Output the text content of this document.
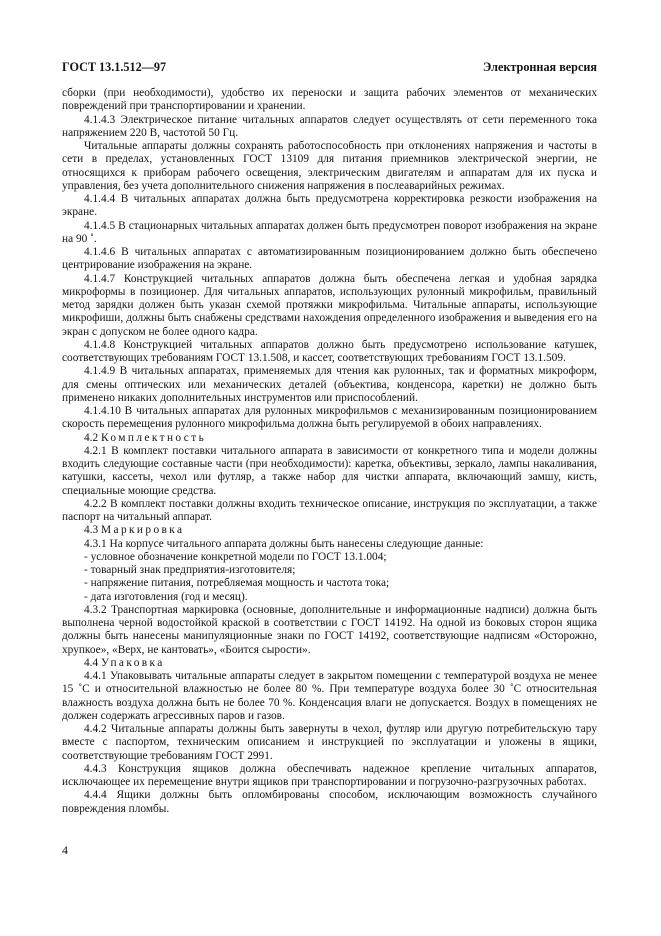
ГОСТ 13.1.512—97	Электронная версия

сборки (при необходимости), удобство их переноски и защита рабочих элементов от механических повреждений при транспортировании и хранении.

4.1.4.3 Электрическое питание читальных аппаратов следует осуществлять от сети переменного тока напряжением 220 В, частотой 50 Гц.

Читальные аппараты должны сохранять работоспособность при отклонениях напряжения и частоты в сети в пределах, установленных ГОСТ 13109 для питания приемников электрической энергии, не относящихся к приборам рабочего освещения, электрическим двигателям и аппаратам для их пуска и управления, без учета дополнительного снижения напряжения в послеаварийных режимах.

4.1.4.4 В читальных аппаратах должна быть предусмотрена корректировка резкости изображения на экране.

4.1.4.5 В стационарных читальных аппаратах должен быть предусмотрен поворот изображения на экране на 90 ˚.

4.1.4.6 В читальных аппаратах с автоматизированным позиционированием должно быть обеспечено центрирование изображения на экране.

4.1.4.7 Конструкцией читальных аппаратов должна быть обеспечена легкая и удобная зарядка микроформы в позиционер. Для читальных аппаратов, использующих рулонный микрофильм, правильный метод зарядки должен быть указан схемой протяжки микрофильма. Читальные аппараты, использующие микрофиши, должны быть снабжены средствами нахождения определенного изображения и выведения его на экран с допуском не более одного кадра.

4.1.4.8 Конструкцией читальных аппаратов должно быть предусмотрено использование катушек, соответствующих требованиям ГОСТ 13.1.508, и кассет, соответствующих требованиям ГОСТ 13.1.509.

4.1.4.9 В читальных аппаратах, применяемых для чтения как рулонных, так и форматных микроформ, для смены оптических или механических деталей (объектива, конденсора, каретки) не должно быть применено никаких дополнительных инструментов или приспособлений.

4.1.4.10 В читальных аппаратах для рулонных микрофильмов с механизированным позиционированием скорость перемещения рулонного микрофильма должна быть регулируемой в обоих направлениях.

4.2 Комплектность

4.2.1 В комплект поставки читального аппарата в зависимости от конкретного типа и модели должны входить следующие составные части (при необходимости): каретка, объективы, зеркало, лампы накаливания, катушки, кассеты, чехол или футляр, а также набор для чистки аппарата, включающий замшу, кисть, специальные моющие средства.

4.2.2 В комплект поставки должны входить техническое описание, инструкция по эксплуатации, а также паспорт на читальный аппарат.

4.3 Маркировка

4.3.1 На корпусе читального аппарата должны быть нанесены следующие данные:

- условное обозначение конкретной модели по ГОСТ 13.1.004;

- товарный знак предприятия-изготовителя;

- напряжение питания, потребляемая мощность и частота тока;

- дата изготовления (год и месяц).

4.3.2 Транспортная маркировка (основные, дополнительные и информационные надписи) должна быть выполнена черной водостойкой краской в соответствии с ГОСТ 14192. На одной из боковых сторон ящика должны быть нанесены манипуляционные знаки по ГОСТ 14192, соответствующие надписям «Осторожно, хрупкое», «Верх, не кантовать», «Боится сырости».

4.4 Упаковка

4.4.1 Упаковывать читальные аппараты следует в закрытом помещении с температурой воздуха не менее 15 ˚С и относительной влажностью не более 80 %. При температуре воздуха более 30 ˚С относительная влажность воздуха должна быть не более 70 %. Конденсация влаги не допускается. Воздух в помещениях не должен содержать агрессивных паров и газов.

4.4.2 Читальные аппараты должны быть завернуты в чехол, футляр или другую потребительскую тару вместе с паспортом, техническим описанием и инструкцией по эксплуатации и уложены в ящики, соответствующие требованиям ГОСТ 2991.

4.4.3 Конструкция ящиков должна обеспечивать надежное крепление читальных аппаратов, исключающее их перемещение внутри ящиков при транспортировании и погрузочно-разгрузочных работах.

4.4.4 Ящики должны быть опломбированы способом, исключающим возможность случайного повреждения пломбы.

4
